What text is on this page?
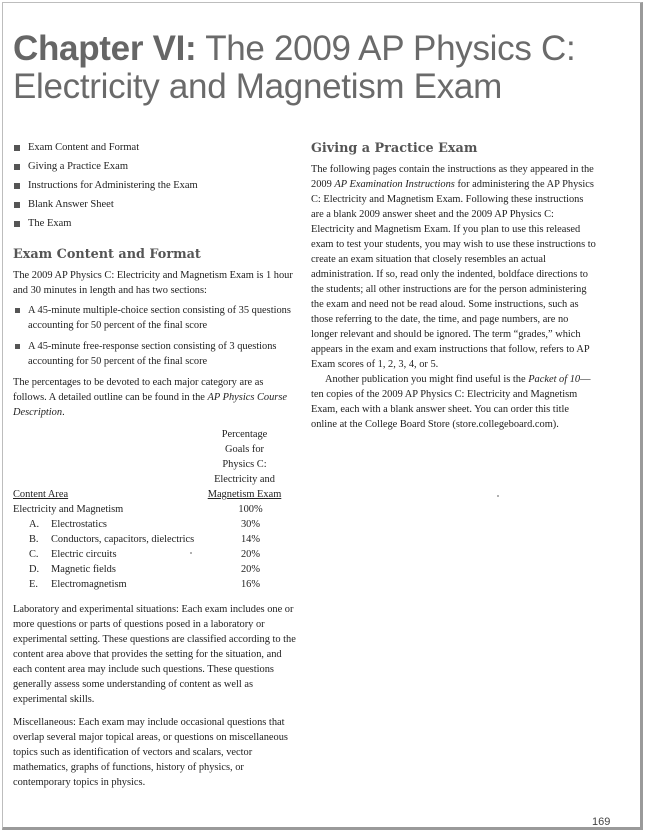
Chapter VI: The 2009 AP Physics C:
Electricity and Magnetism Exam
Exam Content and Format
Giving a Practice Exam
Instructions for Administering the Exam
Blank Answer Sheet
The Exam
Exam Content and Format

The 2009 AP Physics C: Electricity and Magnetism Exam is 1 hour and 30 minutes in length and has two sections:

A 45-minute multiple-choice section consisting of 35 questions accounting for 50 percent of the final score
A 45-minute free-response section consisting of 3 questions accounting for 50 percent of the final score

The percentages to be devoted to each major category are as follows. A detailed outline can be found in the AP Physics Course Description.

Percentage
Goals for
Physics C:
Electricity and
Magnetism Exam
Content Area
Electricity and Magnetism		100%
A.	Electrostatics	30%
B.	Conductors, capacitors, dielectrics	14%
C.	Electric circuits	20%
D.	Magnetic fields	20%
E.	Electromagnetism	16%

Laboratory and experimental situations: Each exam includes one or more questions or parts of questions posed in a laboratory or experimental setting. These questions are classified according to the content area above that provides the setting for the situation, and each content area may include such questions. These questions generally assess some understanding of content as well as experimental skills.

Miscellaneous: Each exam may include occasional questions that overlap several major topical areas, or questions on miscellaneous topics such as identification of vectors and scalars, vector mathematics, graphs of functions, history of physics, or contemporary topics in physics.

Giving a Practice Exam

The following pages contain the instructions as they appeared in the 2009 AP Examination Instructions for administering the AP Physics C: Electricity and Magnetism Exam. Following these instructions are a blank 2009 answer sheet and the 2009 AP Physics C: Electricity and Magnetism Exam. If you plan to use this released exam to test your students, you may wish to use these instructions to create an exam situation that closely resembles an actual administration. If so, read only the indented, boldface directions to the students; all other instructions are for the person administering the exam and need not be read aloud. Some instructions, such as those referring to the date, the time, and page numbers, are no longer relevant and should be ignored. The term “grades,” which appears in the exam and exam instructions that follow, refers to AP Exam scores of 1, 2, 3, 4, or 5.

Another publication you might find useful is the Packet of 10—ten copies of the 2009 AP Physics C: Electricity and Magnetism Exam, each with a blank answer sheet. You can order this title online at the College Board Store (store.collegeboard.com).

169
